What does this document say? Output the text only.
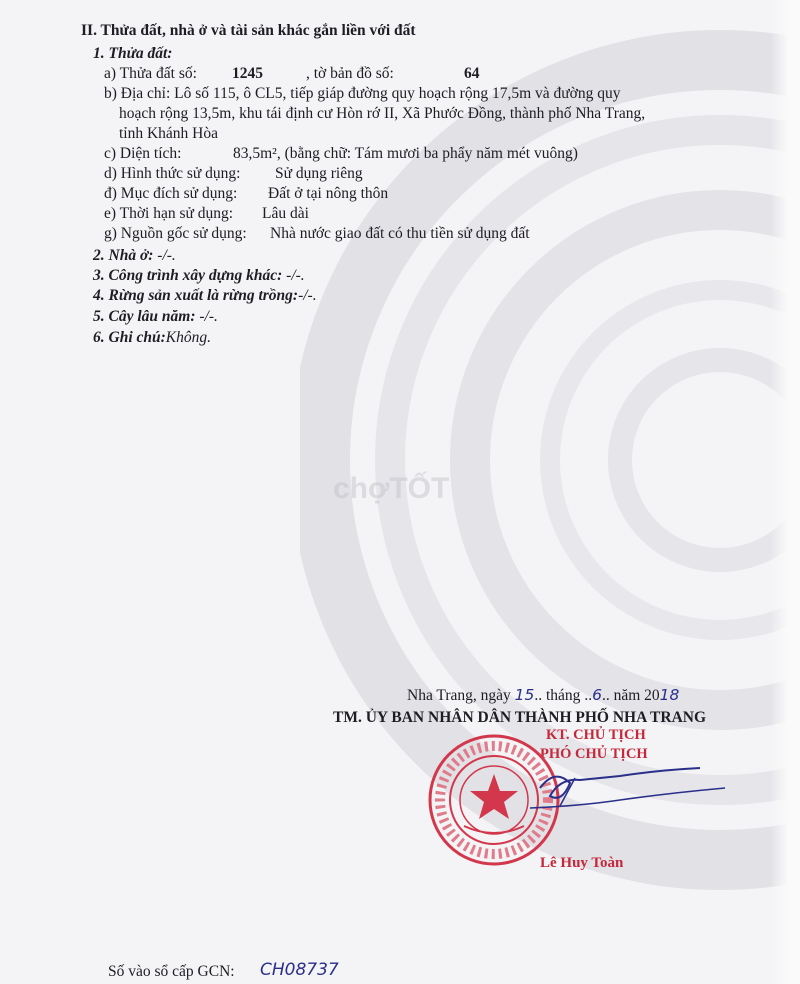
II. Thửa đất, nhà ở và tài sản khác gắn liền với đất
1. Thửa đất:
a) Thửa đất số: 1245	, tờ bản đồ số:	64
b) Địa chỉ: Lô số 115, ô CL5, tiếp giáp đường quy hoạch rộng 17,5m và đường quy
hoạch rộng 13,5m, khu tái định cư Hòn rớ II, Xã Phước Đồng, thành phố Nha Trang,
tỉnh Khánh Hòa
c) Diện tích:	83,5m², (bằng chữ: Tám mươi ba phẩy năm mét vuông)
d) Hình thức sử dụng: Sử dụng riêng
đ) Mục đích sử dụng: Đất ở tại nông thôn
e) Thời hạn sử dụng: Lâu dài
g) Nguồn gốc sử dụng: Nhà nước giao đất có thu tiền sử dụng đất
2. Nhà ở: -/-.
3. Công trình xây dựng khác: -/-.
4. Rừng sản xuất là rừng trồng:-/-.
5. Cây lâu năm: -/-.
6. Ghi chú:Không.
chợTỐT
Nha Trang, ngày 15.. tháng ..6.. năm 2018
TM. ỦY BAN NHÂN DÂN THÀNH PHỐ NHA TRANG
KT. CHỦ TỊCH
PHÓ CHỦ TỊCH
Lê Huy Toàn
Số vào sổ cấp GCN: CH08737
